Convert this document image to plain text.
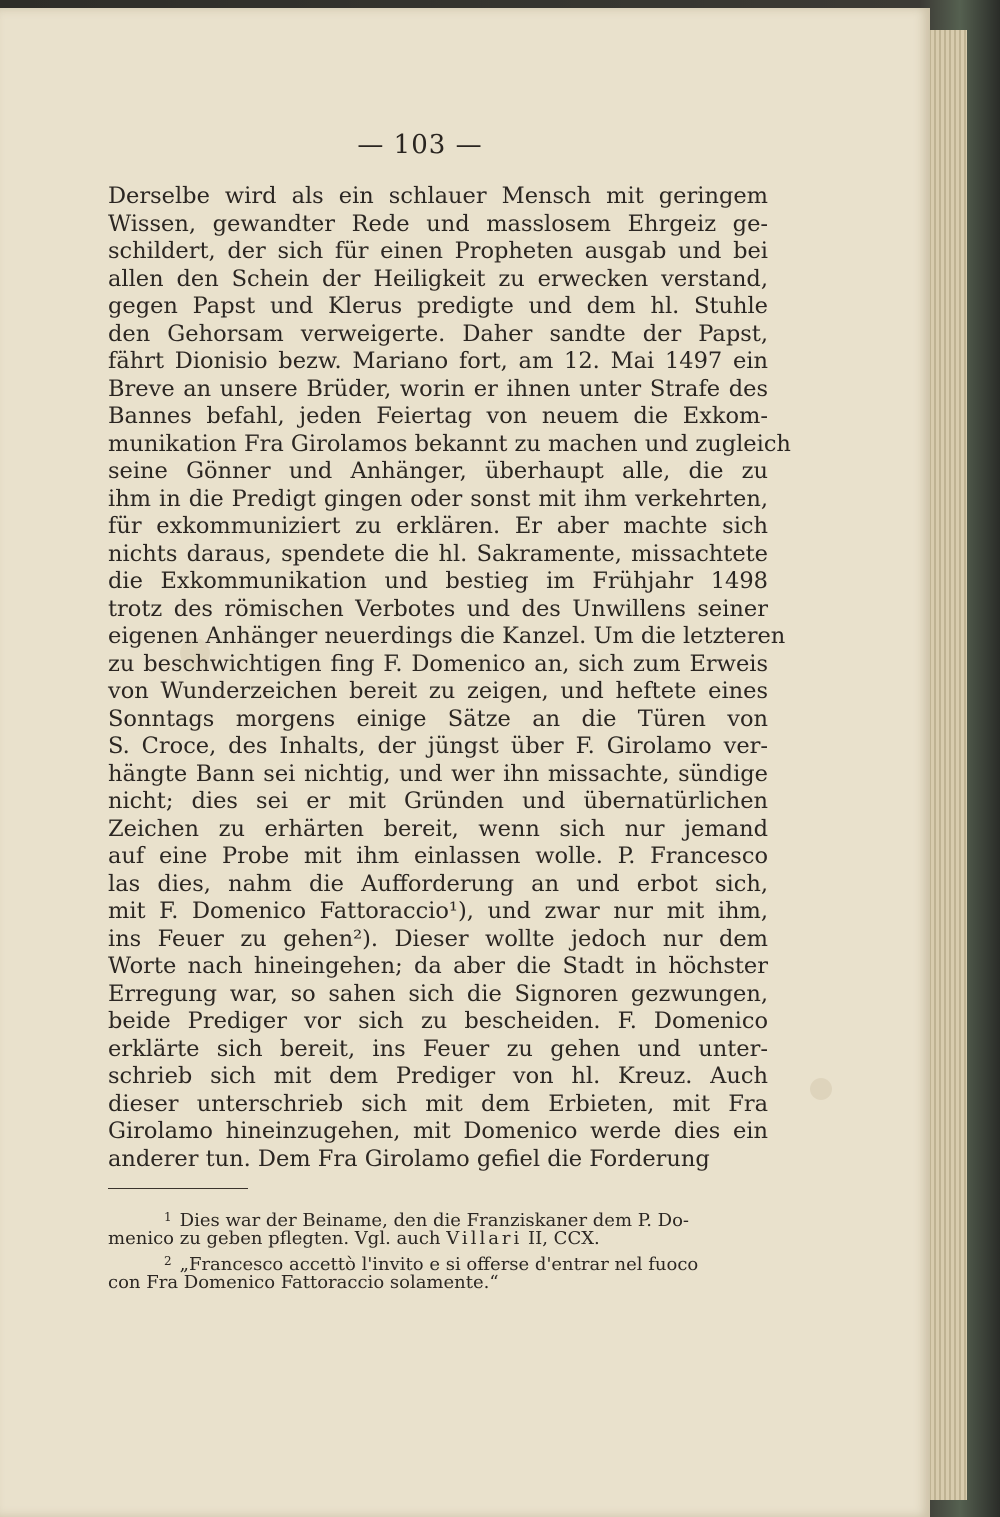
— 103 —
Derselbe wird als ein schlauer Mensch mit geringem
Wissen, gewandter Rede und masslosem Ehrgeiz ge-
schildert, der sich für einen Propheten ausgab und bei
allen den Schein der Heiligkeit zu erwecken verstand,
gegen Papst und Klerus predigte und dem hl. Stuhle
den Gehorsam verweigerte. Daher sandte der Papst,
fährt Dionisio bezw. Mariano fort, am 12. Mai 1497 ein
Breve an unsere Brüder, worin er ihnen unter Strafe des
Bannes befahl, jeden Feiertag von neuem die Exkom-
munikation Fra Girolamos bekannt zu machen und zugleich
seine Gönner und Anhänger, überhaupt alle, die zu
ihm in die Predigt gingen oder sonst mit ihm verkehrten,
für exkommuniziert zu erklären. Er aber machte sich
nichts daraus, spendete die hl. Sakramente, missachtete
die Exkommunikation und bestieg im Frühjahr 1498
trotz des römischen Verbotes und des Unwillens seiner
eigenen Anhänger neuerdings die Kanzel. Um die letzteren
zu beschwichtigen fing F. Domenico an, sich zum Erweis
von Wunderzeichen bereit zu zeigen, und heftete eines
Sonntags morgens einige Sätze an die Türen von
S. Croce, des Inhalts, der jüngst über F. Girolamo ver-
hängte Bann sei nichtig, und wer ihn missachte, sündige
nicht; dies sei er mit Gründen und übernatürlichen
Zeichen zu erhärten bereit, wenn sich nur jemand
auf eine Probe mit ihm einlassen wolle. P. Francesco
las dies, nahm die Aufforderung an und erbot sich,
mit F. Domenico Fattoraccio¹), und zwar nur mit ihm,
ins Feuer zu gehen²). Dieser wollte jedoch nur dem
Worte nach hineingehen; da aber die Stadt in höchster
Erregung war, so sahen sich die Signoren gezwungen,
beide Prediger vor sich zu bescheiden. F. Domenico
erklärte sich bereit, ins Feuer zu gehen und unter-
schrieb sich mit dem Prediger von hl. Kreuz. Auch
dieser unterschrieb sich mit dem Erbieten, mit Fra
Girolamo hineinzugehen, mit Domenico werde dies ein
anderer tun. Dem Fra Girolamo gefiel die Forderung
$^1$ Dies war der Beiname, den die Franziskaner dem P. Do-
menico zu geben pflegten. Vgl. auch Villari II, CCX.
$^2$ „Francesco accettò l'invito e si offerse d'entrar nel fuoco
con Fra Domenico Fattoraccio solamente.“
